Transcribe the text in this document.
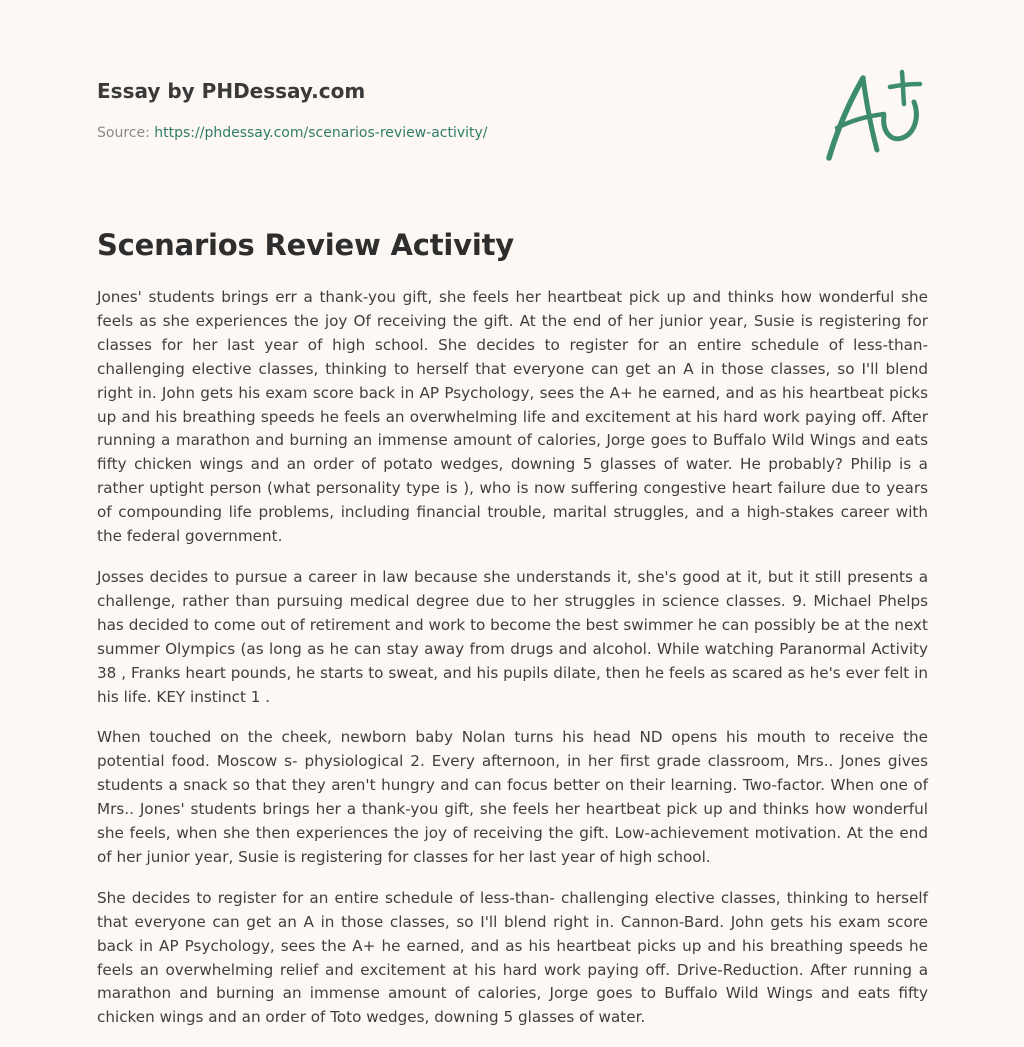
Essay by PHDessay.com
Source: https://phdessay.com/scenarios-review-activity/
Scenarios Review Activity

Jones' students brings err a thank-you gift, she feels her heartbeat pick up and thinks how wonderful she feels as she experiences the joy Of receiving the gift. At the end of her junior year, Susie is registering for classes for her last year of high school. She decides to register for an entire schedule of less-than-challenging elective classes, thinking to herself that everyone can get an A in those classes, so I'll blend right in. John gets his exam score back in AP Psychology, sees the A+ he earned, and as his heartbeat picks up and his breathing speeds he feels an overwhelming life and excitement at his hard work paying off. After running a marathon and burning an immense amount of calories, Jorge goes to Buffalo Wild Wings and eats fifty chicken wings and an order of potato wedges, downing 5 glasses of water. He probably? Philip is a rather uptight person (what personality type is ), who is now suffering congestive heart failure due to years of compounding life problems, including financial trouble, marital struggles, and a high-stakes career with the federal government.

Josses decides to pursue a career in law because she understands it, she's good at it, but it still presents a challenge, rather than pursuing medical degree due to her struggles in science classes. 9. Michael Phelps has decided to come out of retirement and work to become the best swimmer he can possibly be at the next summer Olympics (as long as he can stay away from drugs and alcohol. While watching Paranormal Activity 38 , Franks heart pounds, he starts to sweat, and his pupils dilate, then he feels as scared as he's ever felt in his life. KEY instinct 1 .

When touched on the cheek, newborn baby Nolan turns his head ND opens his mouth to receive the potential food. Moscow s- physiological 2. Every afternoon, in her first grade classroom, Mrs.. Jones gives students a snack so that they aren't hungry and can focus better on their learning. Two-factor. When one of Mrs.. Jones' students brings her a thank-you gift, she feels her heartbeat pick up and thinks how wonderful she feels, when she then experiences the joy of receiving the gift. Low-achievement motivation. At the end of her junior year, Susie is registering for classes for her last year of high school.

She decides to register for an entire schedule of less-than- challenging elective classes, thinking to herself that everyone can get an A in those classes, so I'll blend right in. Cannon-Bard. John gets his exam score back in AP Psychology, sees the A+ he earned, and as his heartbeat picks up and his breathing speeds he feels an overwhelming relief and excitement at his hard work paying off. Drive-Reduction. After running a marathon and burning an immense amount of calories, Jorge goes to Buffalo Wild Wings and eats fifty chicken wings and an order of Toto wedges, downing 5 glasses of water.
